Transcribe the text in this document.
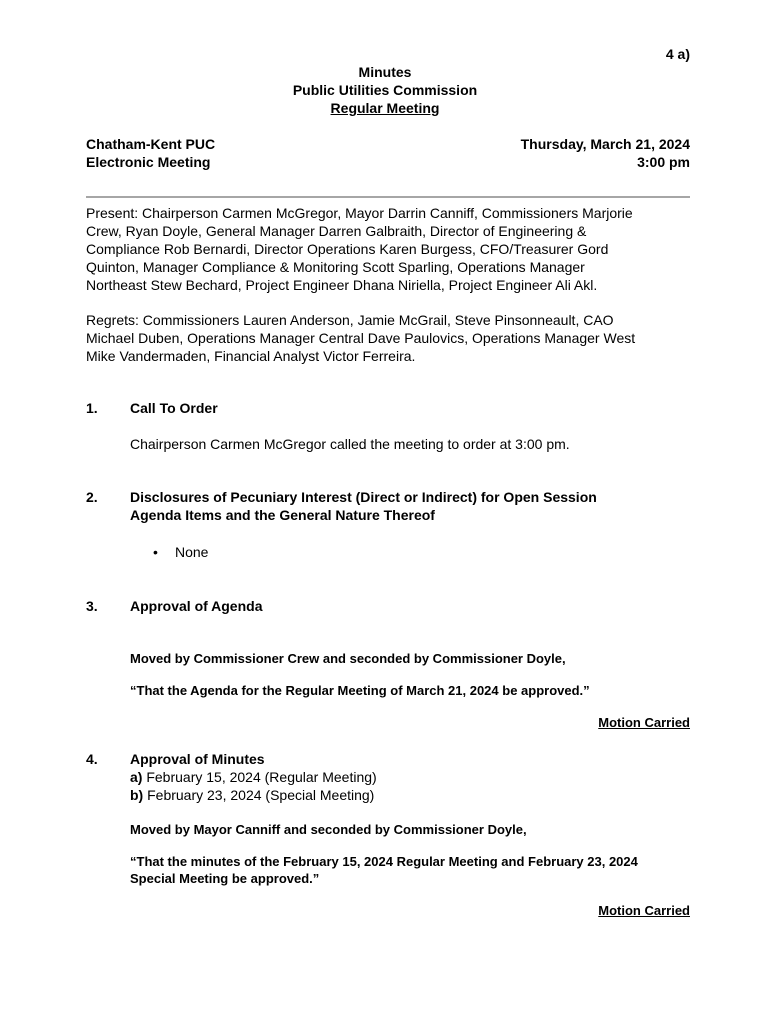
4 a)
Minutes
Public Utilities Commission
Regular Meeting
Chatham-Kent PUC
Electronic Meeting
Thursday, March 21, 2024
3:00 pm
Present: Chairperson Carmen McGregor, Mayor Darrin Canniff, Commissioners Marjorie
Crew, Ryan Doyle, General Manager Darren Galbraith, Director of Engineering &
Compliance Rob Bernardi, Director Operations Karen Burgess, CFO/Treasurer Gord
Quinton, Manager Compliance & Monitoring Scott Sparling, Operations Manager
Northeast Stew Bechard, Project Engineer Dhana Niriella, Project Engineer Ali Akl.
Regrets: Commissioners Lauren Anderson, Jamie McGrail, Steve Pinsonneault, CAO
Michael Duben, Operations Manager Central Dave Paulovics, Operations Manager West
Mike Vandermaden, Financial Analyst Victor Ferreira.
1. Call To Order
Chairperson Carmen McGregor called the meeting to order at 3:00 pm.
2. Disclosures of Pecuniary Interest (Direct or Indirect) for Open Session
Agenda Items and the General Nature Thereof
• None
3. Approval of Agenda
Moved by Commissioner Crew and seconded by Commissioner Doyle,
“That the Agenda for the Regular Meeting of March 21, 2024 be approved.”
Motion Carried
4. Approval of Minutes
a) February 15, 2024 (Regular Meeting)
b) February 23, 2024 (Special Meeting)
Moved by Mayor Canniff and seconded by Commissioner Doyle,
“That the minutes of the February 15, 2024 Regular Meeting and February 23, 2024
Special Meeting be approved.”
Motion Carried
